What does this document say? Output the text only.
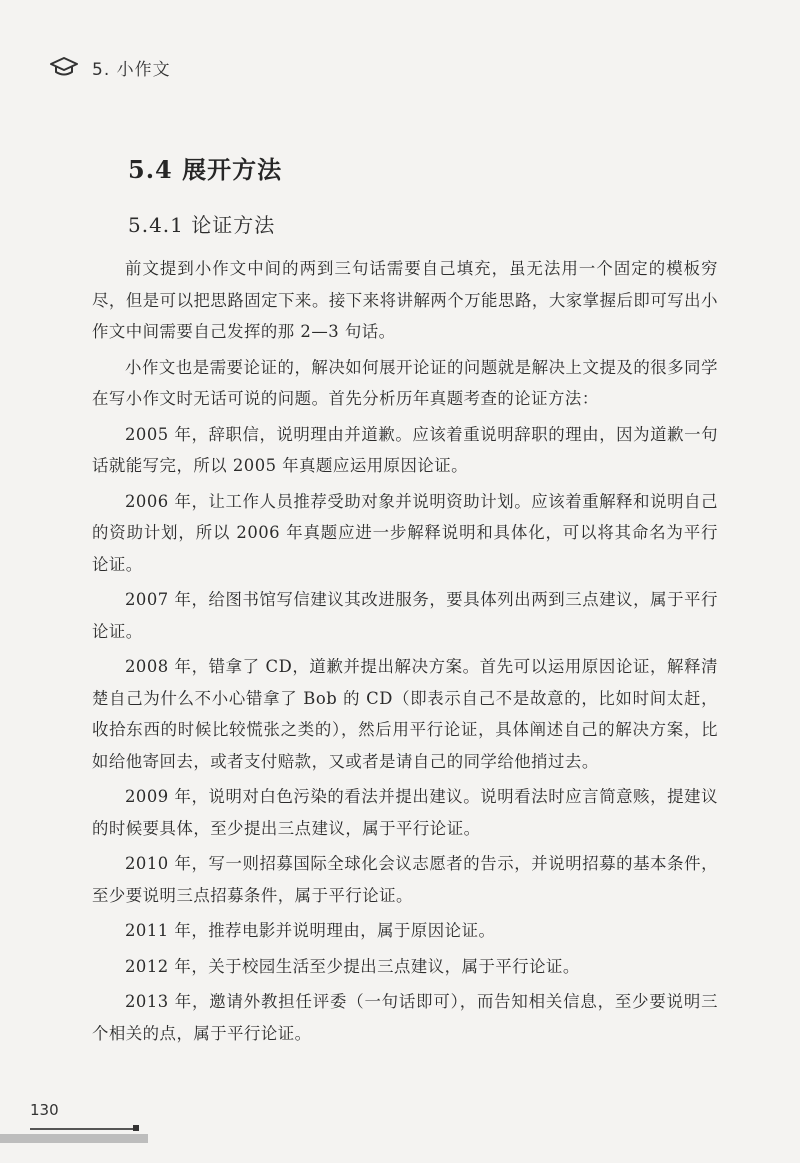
5. 小作文
5.4 展开方法
5.4.1 论证方法

前文提到小作文中间的两到三句话需要自己填充，虽无法用一个固定的模板穷尽，但是可以把思路固定下来。接下来将讲解两个万能思路，大家掌握后即可写出小作文中间需要自己发挥的那 2—3 句话。

小作文也是需要论证的，解决如何展开论证的问题就是解决上文提及的很多同学在写小作文时无话可说的问题。首先分析历年真题考查的论证方法：

2005 年，辞职信，说明理由并道歉。应该着重说明辞职的理由，因为道歉一句话就能写完，所以 2005 年真题应运用原因论证。

2006 年，让工作人员推荐受助对象并说明资助计划。应该着重解释和说明自己的资助计划，所以 2006 年真题应进一步解释说明和具体化，可以将其命名为平行论证。

2007 年，给图书馆写信建议其改进服务，要具体列出两到三点建议，属于平行论证。

2008 年，错拿了 CD，道歉并提出解决方案。首先可以运用原因论证，解释清楚自己为什么不小心错拿了 Bob 的 CD（即表示自己不是故意的，比如时间太赶，收拾东西的时候比较慌张之类的），然后用平行论证，具体阐述自己的解决方案，比如给他寄回去，或者支付赔款，又或者是请自己的同学给他捎过去。

2009 年，说明对白色污染的看法并提出建议。说明看法时应言简意赅，提建议的时候要具体，至少提出三点建议，属于平行论证。

2010 年，写一则招募国际全球化会议志愿者的告示，并说明招募的基本条件，至少要说明三点招募条件，属于平行论证。

2011 年，推荐电影并说明理由，属于原因论证。

2012 年，关于校园生活至少提出三点建议，属于平行论证。

2013 年，邀请外教担任评委（一句话即可），而告知相关信息，至少要说明三个相关的点，属于平行论证。

130
